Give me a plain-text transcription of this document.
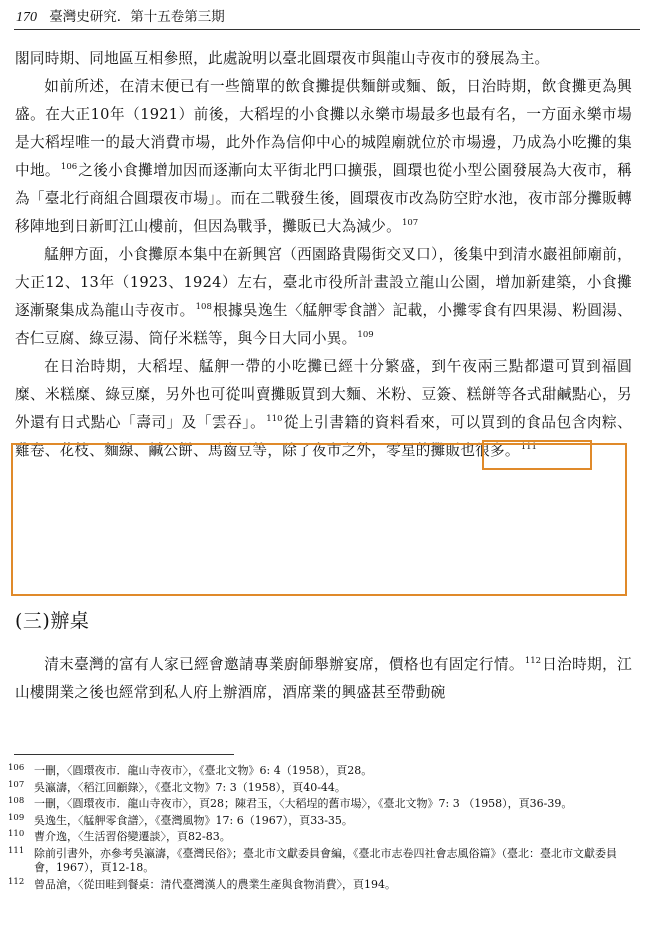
170 臺灣史研究．第十五卷第三期

閣同時期、同地區互相參照，此處說明以臺北圓環夜市與龍山寺夜市的發展為主。

如前所述，在清末便已有一些簡單的飲食攤提供麵餅或麵、飯，日治時期，飲食攤更為興盛。在大正10年（1921）前後，大稻埕的小食攤以永樂市場最多也最有名，一方面永樂市場是大稻埕唯一的最大消費市場，此外作為信仰中心的城隍廟就位於市場邊，乃成為小吃攤的集中地。$^{106}$之後小食攤增加因而逐漸向太平街北門口擴張，圓環也從小型公園發展為大夜市，稱為「臺北行商組合圓環夜市場」。而在二戰發生後，圓環夜市改為防空貯水池，夜市部分攤販轉移陣地到日新町江山樓前，但因為戰爭，攤販已大為減少。$^{107}$

艋舺方面，小食攤原本集中在新興宮（西園路貴陽街交叉口），後集中到清水巖祖師廟前，大正12、13年（1923、1924）左右，臺北市役所計畫設立龍山公園，增加新建築，小食攤逐漸聚集成為龍山寺夜市。$^{108}$根據吳逸生〈艋舺零食譜〉記載，小攤零食有四果湯、粉圓湯、杏仁豆腐、綠豆湯、筒仔米糕等，與今日大同小異。$^{109}$

在日治時期，大稻埕、艋舺一帶的小吃攤已經十分繁盛，到午夜兩三點都還可買到福圓糜、米糕糜、綠豆糜，另外也可從叫賣攤販買到大麵、米粉、豆簽、糕餅等各式甜鹹點心，另外還有日式點心「壽司」及「雲吞」。$^{110}$從上引書籍的資料看來，可以買到的食品包含肉粽、雞卷、花枝、麵線、鹹公餅、馬齒豆等，除了夜市之外，零星的攤販也很多。$^{111}$

(三)辦桌

清末臺灣的富有人家已經會邀請專業廚師舉辦宴席，價格也有固定行情。$^{112}$日治時期，江山樓開業之後也經常到私人府上辦酒席，酒席業的興盛甚至帶動碗

106 一刪，〈圓環夜市．龍山寺夜市〉，《臺北文物》6: 4（1958），頁28。
107 吳瀛濤，〈稻江回顧錄〉，《臺北文物》7: 3（1958），頁40-44。
108 一刪，〈圓環夜市．龍山寺夜市〉，頁28；陳君玉，〈大稻埕的舊市場〉，《臺北文物》7: 3 （1958），頁36-39。
109 吳逸生，〈艋舺零食譜〉，《臺灣風物》17: 6（1967），頁33-35。
110 曹介逸，〈生活習俗變遷談〉，頁82-83。
111 除前引書外，亦參考吳瀛濤，《臺灣民俗》；臺北市文獻委員會編，《臺北市志卷四社會志風俗篇》（臺北：臺北市文獻委員會，1967），頁12-18。
112 曾品滄，〈從田畦到餐桌：清代臺灣漢人的農業生產與食物消費〉，頁194。
